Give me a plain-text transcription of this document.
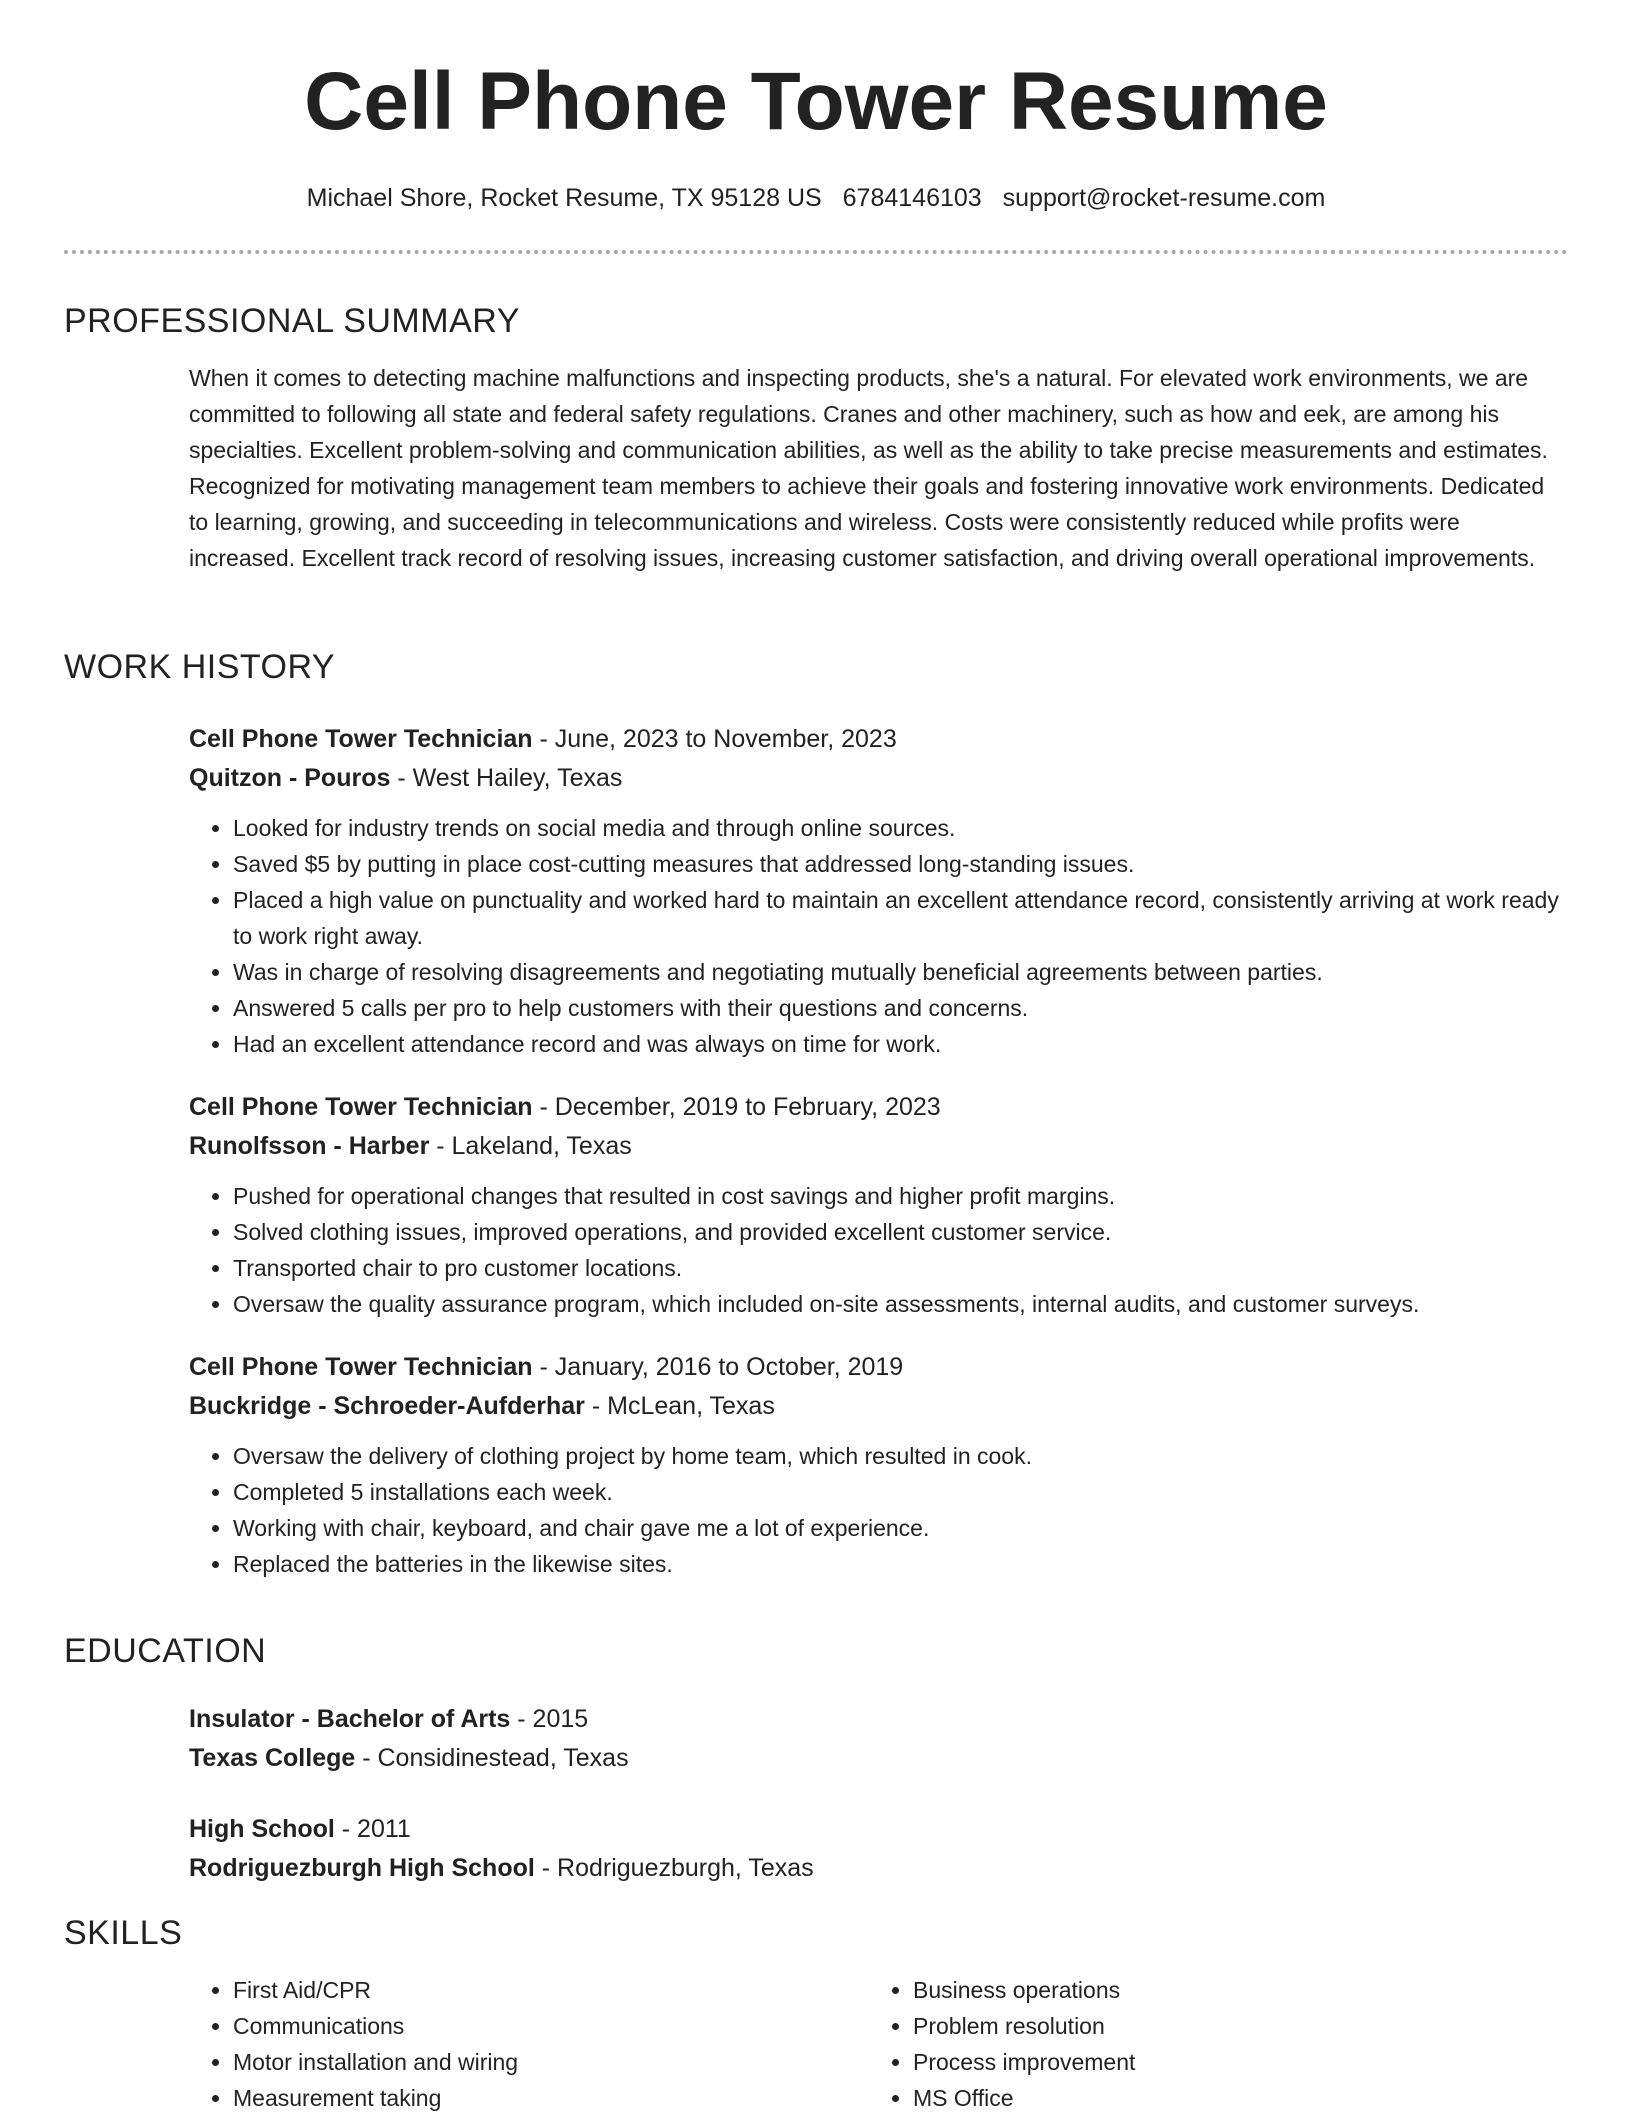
Cell Phone Tower Resume
Michael Shore, Rocket Resume, TX 95128 US 6784146103 support@rocket-resume.com
PROFESSIONAL SUMMARY

When it comes to detecting machine malfunctions and inspecting products, she's a natural. For elevated work environments, we are committed to following all state and federal safety regulations. Cranes and other machinery, such as how and eek, are among his specialties. Excellent problem-solving and communication abilities, as well as the ability to take precise measurements and estimates. Recognized for motivating management team members to achieve their goals and fostering innovative work environments. Dedicated to learning, growing, and succeeding in telecommunications and wireless. Costs were consistently reduced while profits were increased. Excellent track record of resolving issues, increasing customer satisfaction, and driving overall operational improvements.

WORK HISTORY

Cell Phone Tower Technician - June, 2023 to November, 2023

Quitzon - Pouros - West Hailey, Texas

• Looked for industry trends on social media and through online sources.
• Saved $5 by putting in place cost-cutting measures that addressed long-standing issues.
• Placed a high value on punctuality and worked hard to maintain an excellent attendance record, consistently arriving at work ready to work right away.
• Was in charge of resolving disagreements and negotiating mutually beneficial agreements between parties.
• Answered 5 calls per pro to help customers with their questions and concerns.
• Had an excellent attendance record and was always on time for work.

Cell Phone Tower Technician - December, 2019 to February, 2023

Runolfsson - Harber - Lakeland, Texas

• Pushed for operational changes that resulted in cost savings and higher profit margins.
• Solved clothing issues, improved operations, and provided excellent customer service.
• Transported chair to pro customer locations.
• Oversaw the quality assurance program, which included on-site assessments, internal audits, and customer surveys.

Cell Phone Tower Technician - January, 2016 to October, 2019

Buckridge - Schroeder-Aufderhar - McLean, Texas

• Oversaw the delivery of clothing project by home team, which resulted in cook.
• Completed 5 installations each week.
• Working with chair, keyboard, and chair gave me a lot of experience.
• Replaced the batteries in the likewise sites.
EDUCATION

Insulator - Bachelor of Arts - 2015

Texas College - Considinestead, Texas

High School - 2011

Rodriguezburgh High School - Rodriguezburgh, Texas

SKILLS
• First Aid/CPR
• Communications
• Motor installation and wiring
• Measurement taking
• Business operations
• Problem resolution
• Process improvement
• MS Office
